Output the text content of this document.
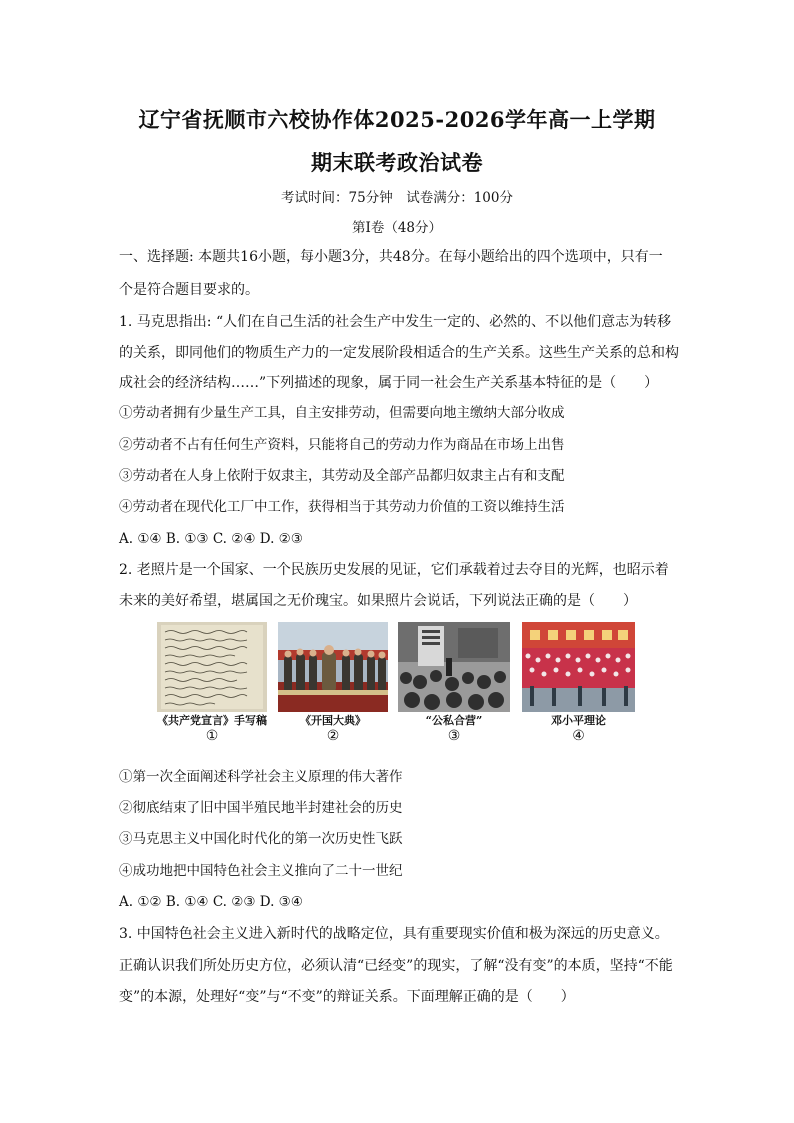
辽宁省抚顺市六校协作体2025-2026学年高一上学期
期末联考政治试卷
考试时间：75分钟　试卷满分：100分
第Ⅰ卷（48分）
一、选择题: 本题共16小题，每小题3分，共48分。在每小题给出的四个选项中，只有一
个是符合题目要求的。
1. 马克思指出: “人们在自己生活的社会生产中发生一定的、必然的、不以他们意志为转移
的关系，即同他们的物质生产力的一定发展阶段相适合的生产关系。这些生产关系的总和构
成社会的经济结构……”下列描述的现象，属于同一社会生产关系基本特征的是（　　）
①劳动者拥有少量生产工具，自主安排劳动，但需要向地主缴纳大部分收成
②劳动者不占有任何生产资料，只能将自己的劳动力作为商品在市场上出售
③劳动者在人身上依附于奴隶主，其劳动及全部产品都归奴隶主占有和支配
④劳动者在现代化工厂中工作，获得相当于其劳动力价值的工资以维持生活
A. ①④ B. ①③ C. ②④ D. ②③
2. 老照片是一个国家、一个民族历史发展的见证，它们承载着过去夺目的光辉，也昭示着
未来的美好希望，堪属国之无价瑰宝。如果照片会说话，下列说法正确的是（　　）
《共产党宣言》手写稿	《开国大典》	“公私合营”	邓小平理论
①	②	③	④
①第一次全面阐述科学社会主义原理的伟大著作
②彻底结束了旧中国半殖民地半封建社会的历史
③马克思主义中国化时代化的第一次历史性飞跃
④成功地把中国特色社会主义推向了二十一世纪
A. ①② B. ①④ C. ②③ D. ③④
3. 中国特色社会主义进入新时代的战略定位，具有重要现实价值和极为深远的历史意义。
正确认识我们所处历史方位，必须认清“已经变”的现实，了解“没有变”的本质，坚持“不能
变”的本源，处理好“变”与“不变”的辩证关系。下面理解正确的是（　　）
